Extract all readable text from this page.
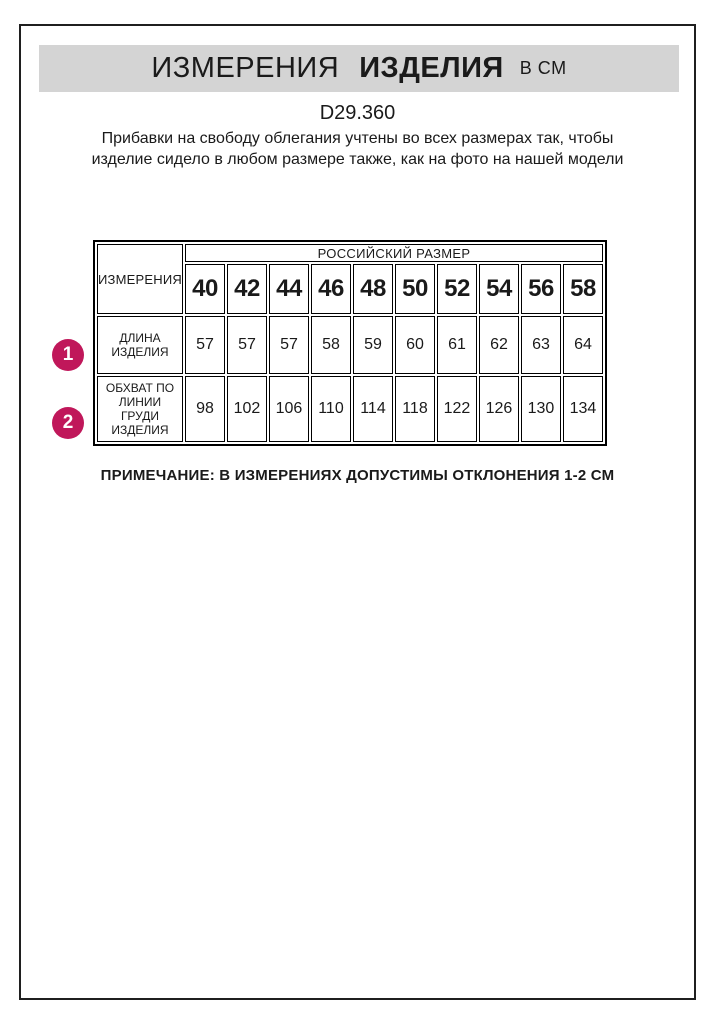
ИЗМЕРЕНИЯ ИЗДЕЛИЯ В СМ
D29.360
Прибавки на свободу облегания учтены во всех размерах так, чтобы изделие сидело в любом размере также, как на фото на нашей модели
ИЗМЕРЕНИЯ	РОССИЙСКИЙ РАЗМЕР									
	40	42	44	46	48	50	52	54	56	58
ДЛИНА ИЗДЕЛИЯ	57	57	57	58	59	60	61	62	63	64
ОБХВАТ ПО ЛИНИИ ГРУДИ ИЗДЕЛИЯ	98	102	106	110	114	118	122	126	130	134
1
2
ПРИМЕЧАНИЕ: В ИЗМЕРЕНИЯХ ДОПУСТИМЫ ОТКЛОНЕНИЯ 1-2 СМ
